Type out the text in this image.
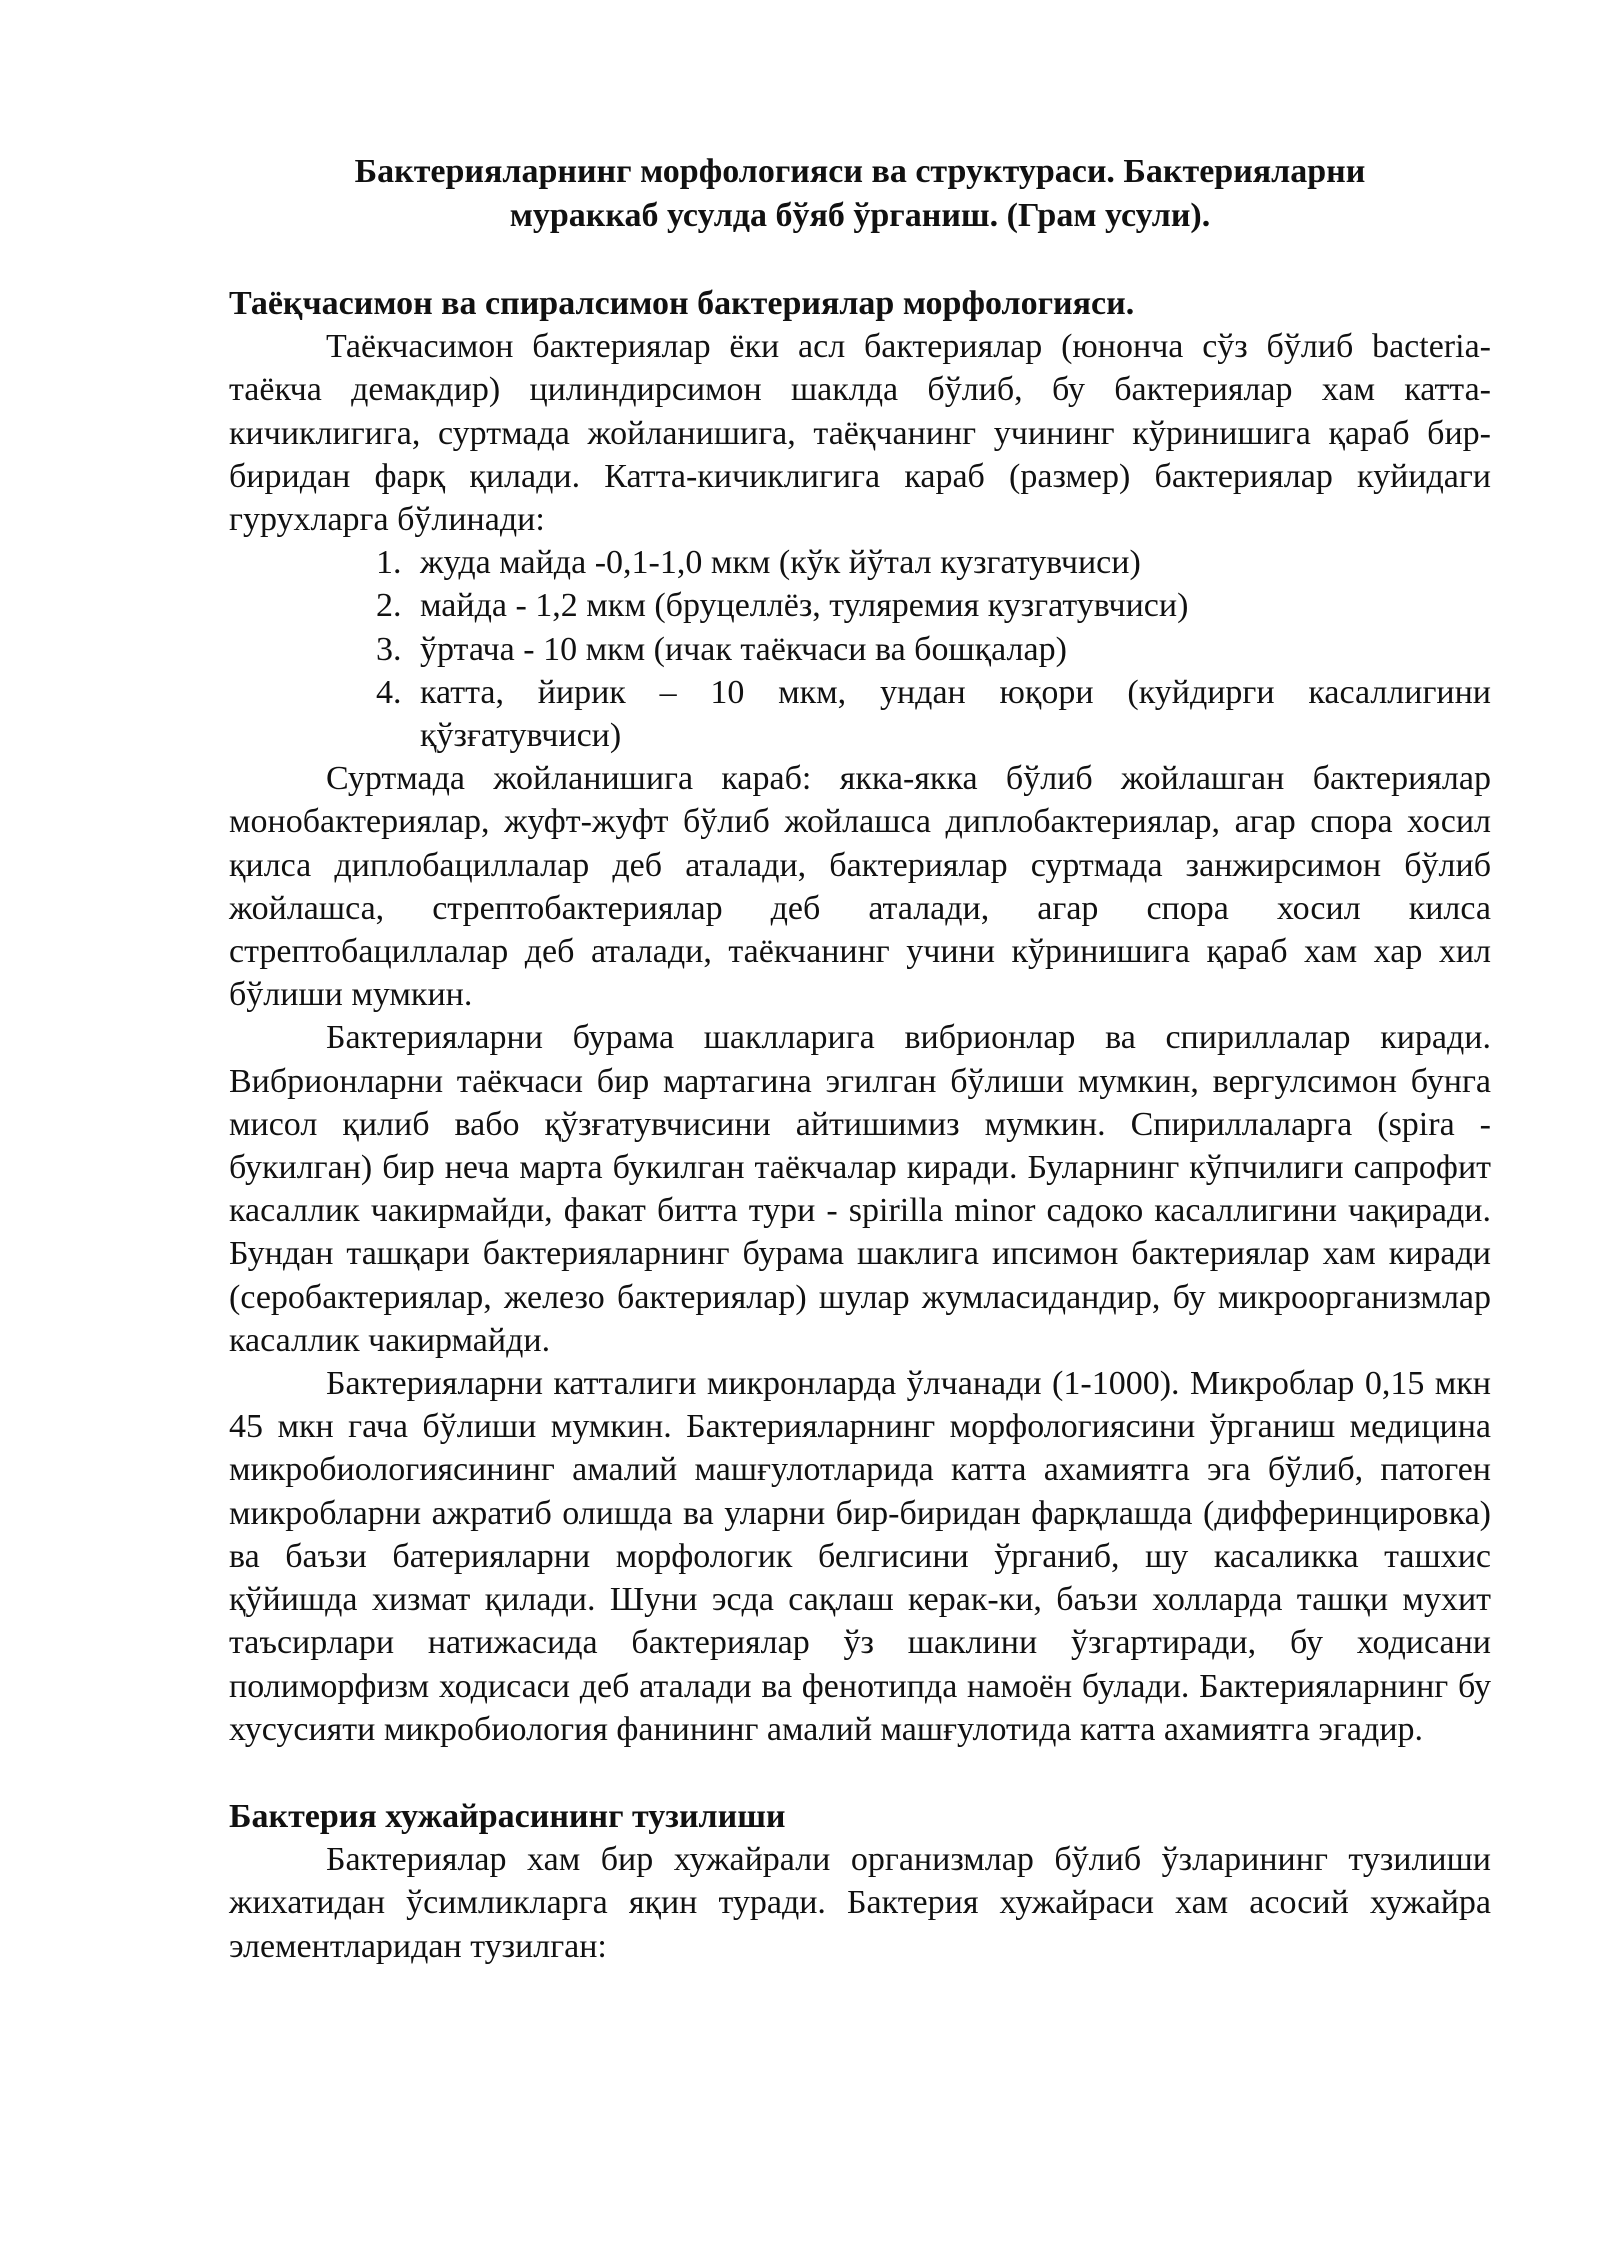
Бактерияларнинг морфологияси ва структураси. Бактерияларни
мураккаб усулда бўяб ўрганиш. (Грам усули).

Таёқчасимон ва спиралсимон бактериялар морфологияси.

Таёкчасимон бактериялар ёки асл бактериялар (юнонча сўз бўлиб bacteria- таёкча демакдир) цилиндирсимон шаклда бўлиб, бу бактериялар хам катта-кичиклигига, суртмада жойланишига, таёқчанинг учининг кўринишига қараб бир-биридан фарқ қилади. Катта-кичиклигига караб (размер) бактериялар куйидаги гурухларга бўлинади:

1. жуда майда -0,1-1,0 мкм (кўк йўтал кузгатувчиси)
2. майда - 1,2 мкм (бруцеллёз, туляремия кузгатувчиси)
3. ўртача - 10 мкм (ичак таёкчаси ва бошқалар)
4. катта, йирик – 10 мкм, ундан юқори (куйдирги касаллигини қўзғатувчиси)

Суртмада жойланишига караб: якка-якка бўлиб жойлашган бактериялар монобактериялар, жуфт-жуфт бўлиб жойлашса диплобактериялар, агар спора хосил қилса диплобациллалар деб аталади, бактериялар суртмада занжирсимон бўлиб жойлашса, стрептобактериялар деб аталади, агар спора хосил килса стрептобациллалар деб аталади, таёкчанинг учини кўринишига қараб хам хар хил бўлиши мумкин.

Бактерияларни бурама шаклларига вибрионлар ва спириллалар киради. Вибрионларни таёкчаси бир мартагина эгилган бўлиши мумкин, вергулсимон бунга мисол қилиб вабо қўзғатувчисини айтишимиз мумкин. Спириллаларга (spira - букилган) бир неча марта букилган таёкчалар киради. Буларнинг кўпчилиги сапрофит касаллик чакирмайди, факат битта тури - spirilla minor садоко касаллигини чақиради. Бундан ташқари бактерияларнинг бурама шаклига ипсимон бактериялар хам киради (серобактериялар, железо бактериялар) шулар жумласидандир, бу микроорганизмлар касаллик чакирмайди.

Бактерияларни катталиги микронларда ўлчанади (1-1000). Микроблар 0,15 мкн 45 мкн гача бўлиши мумкин. Бактерияларнинг морфологиясини ўрганиш медицина микробиологиясининг амалий машғулотларида катта ахамиятга эга бўлиб, патоген микробларни ажратиб олишда ва уларни бир-биридан фарқлашда (дифферинцировка) ва баъзи батерияларни морфологик белгисини ўрганиб, шу касаликка ташхис қўйишда хизмат қилади. Шуни эсда сақлаш керак-ки, баъзи холларда ташқи мухит таъсирлари натижасида бактериялар ўз шаклини ўзгартиради, бу ходисани полиморфизм ходисаси деб аталади ва фенотипда намоён булади. Бактерияларнинг бу хусусияти микробиология фанининг амалий машғулотида катта ахамиятга эгадир.

Бактерия хужайрасининг тузилиши

Бактериялар хам бир хужайрали организмлар бўлиб ўзларининг тузилиши жихатидан ўсимликларга яқин туради. Бактерия хужайраси хам асосий хужайра элементларидан тузилган:
